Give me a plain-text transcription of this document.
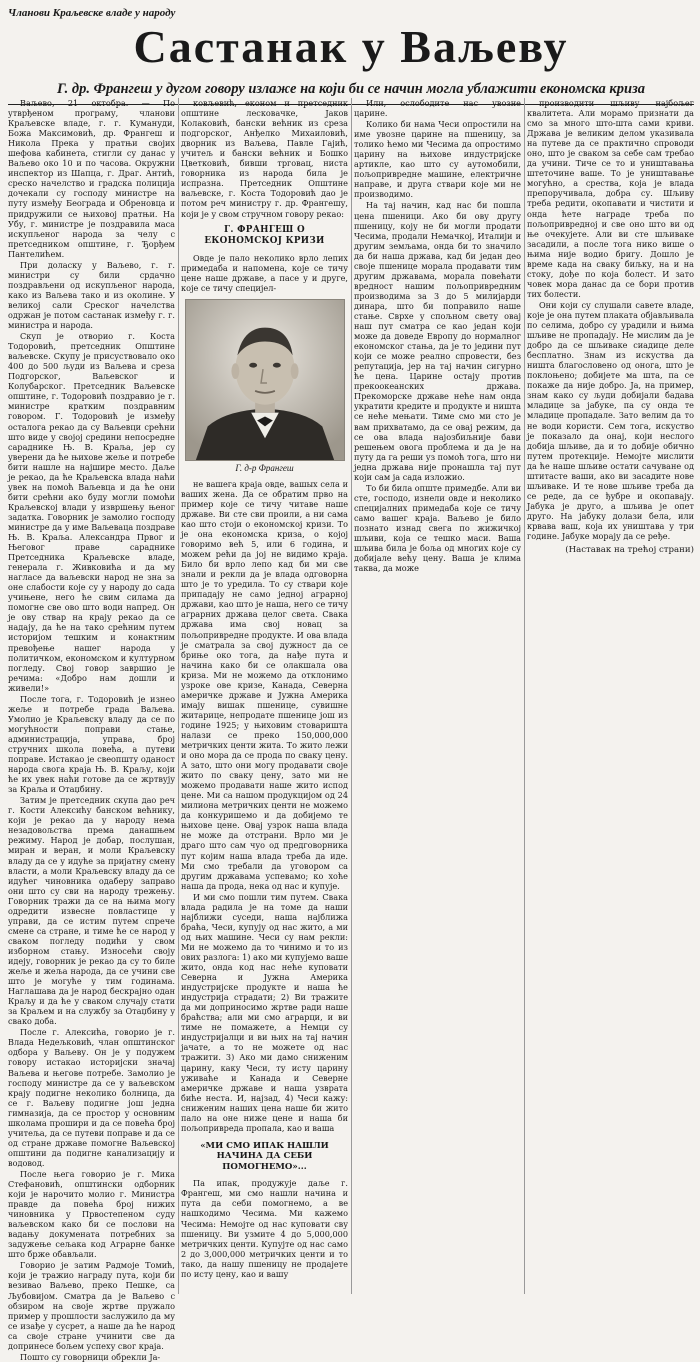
Чланови Краљевске владе у народу
Састанак у Ваљеву
Г. др. Франгеш у дугом говору излаже на који би се начин могла ублажити економска криза

Ваљево, 21 октобра. — По утврђеном програму, чланови Краљевске владе, г. г. Кумануди, Божа Максимовић, др. Франгеш и Никола Прека у пратњи својих шефова кабинета, стигли су данас у Ваљево око 10 и по часова. Окружни инспектор из Шапца, г. Драг. Антић, среско начелство и градска полиција дочекали су господу министре на путу између Београда и Обреновца и придружили се њиховој пратњи. На Убу, г. министре је поздравила маса искупљеног народа за челу с претседником општине, г. Ђорђем Пантелићем.

При доласку у Ваљево, г. г. министри су били срдачно поздрављени од искупљеног народа, како из Ваљева тако и из околине. У великој сали Среског начелства одржан је потом састанак између г. г. министра и народа.

Скуп је отворио г. Коста Тодоровић, претседник Општине ваљевске. Скупу је присуствовало око 400 до 500 људи из Ваљева и среза Подгорског, Ваљевског и Колубарског. Претседник Ваљевске општине, г. Тодоровић поздравио је г. министре кратким поздравним говором. Г. Тодоровић је између осталога рекао да су Ваљевци срећни што виде у својој средини непосредне сараднике Њ. В. Краља, јер су уверени да ће њихове жеље и потребе бити нашле на најшире место. Даље је рекао, да ће Краљевска влада наћи увек на помоћ Ваљевца и да ће они бити срећни ако буду могли помоћи Краљевској влади у извршењу њеног задатка. Говорник је замолио господу министре да у име Ваљеваца поздраве Њ. В. Краља. Александра Првог и Његовог праве сараднике Претседника Краљевске владе, генерала г. Живковића и да му нагласе да ваљевски народ не зна за оне слабости које су у народу до сада учињене, него ће свим силама да помогне све ово што води напред. Он је ову ствар на крају рекао да се надају, да ће на тако срећним путем историјом тешким и конактним превођење нашег народа у политичком, економском и културном погледу. Свој говор завршио је речима: «Добро нам дошли и живели!»

После тога, г. Тодоровић је изнео жеље и потребе града Ваљева. Умолио је Краљевску владу да се по могућности поправи стање, администрација, управа, број стручних школа повећа, а путеви поправе. Истакао је свеопшту оданост народа свога краја Њ. В. Краљу, који ће их увек наћи готове да се жртвују за Краља и Отаџбину.

Затим је претседник скупа дао реч г. Кости Алексићу банском већнику, који је рекао да у народу нема незадовољства према данашњем режиму. Народ је добар, послушан, миран и веран, и моли Краљевску владу да се у идуће за пријатну смену власти, а моли Краљевску владу да се идућег чиновника одаберу заправо они што су сви на народу трежењу. Говорник тражи да се на њима могу одредити извесне повластице у управи, да се истим путем спрече смене са стране, и тиме ће се народ у сваком погледу подићи у свом изборном стању. Износећи своју идеју, говорник је рекао да су то биле жеље и жеља народа, да се учини све што је могуће у тим годинама. Наглашава да је народ бескрајно одан Краљу и да ће у сваком случају стати за Краљем и на службу за Отаџбину у свако доба.

После г. Алексића, говорио је г. Влада Недељковић, члан општинског одбора у Ваљеву. Он је у подужем говору истакао историјски значај Ваљева и његове потребе. Замолио је господу министре да се у ваљевском крају подигне неколико болница, да се г. Ваљеву подигне још једна гимназија, да се простор у основним школама прошири и да се повећа број учитеља, да се путеви поправе и да се од стране државе помогне Ваљевској општини да подигне канализацију и водовод.

После њега говорио је г. Мика Стефановић, општински одборник који је нарочито молио г. Министра правде да повећа број нижих чиновника у Првостепеном суду ваљевском како би се послови на вадању докумената потребних за задужење сељака код Аграрне банке што брже обављали.

Говорио је затим Радмоје Томић, који је тражио награду пута, који би везивао Ваљево, преко Пешке, са Љубовијом. Сматра да је Ваљево с обзиром на своје жртве пружало пример у прошлости заслужило да му се изађе у сусрет, а наше да ће народ са своје стране учинити све да допринесе бољем успеху свог краја.

Пошто су говорници обрекли Ја-

ковљевић, економ и претседник општине лесковачке, Јаков Колаковић, бански већник из среза подгорског, Анђелко Михаиловић, дворник из Ваљева, Павле Гајић, учитељ и бански већник и Бошко Цветковић, бивши трговац, ниста говорника из народа била је испразна. Претседник Општине ваљевске, г. Коста Тодоровић дао је потом реч министру г. др. Франгешу, који је у свом стручном говору рекао:

Г. ФРАНГЕШ О ЕКОНОМСКОЈ КРИЗИ

Овде је пало неколико врло лепих примедаба и напомена, које се тичу цене наше државе, а пасе у и друге, које се тичу специјел-

Г. д-р Франгеш

не вашега краја овде, вашых села и ваших жена. Да се обратим прво на пример које се тичу читаве наше државе. Ви сте сви проили, а ни сама као што стоји о економској кризи. То је она економска криза, о којој говоримо већ 5, или 6 година, и можем рећи да јој не видимо краја. Било би врло лепо кад би ми све знали и рекли да је влада одговорна што је то уредила. То су ствари које припадају не само једној аграрној држави, као што је наша, него се тичу аграрних држава целог света. Свака држава има свој новац за пољопривредне продукте. И ова влада је сматрала за свој дужност да се бриње око тога, да нађе пута и начина како би се олакшала ова криза. Ми не можемо да отклонимо узроке ове кризе, Канада, Северна америчке државе и Јужна Америка имају вишак пшенице, сувишне житарице, непродате пшенице још из године 1925; у њиховим стоваришта налази се преко 150,000,000 метричких центи жита. То жито лежи и оно мора да се прода по сваку цену. А зато, што они могу продавати своје жито по сваку цену, зато ми не можемо продавати наше жито испод цене. Ми са нашом продукцијом од 24 милиона метричких центи не можемо да конкуришемо и да добијемо те њихове цене. Овај узрок наша влада не може да отстрани. Врло ми је драго што сам чуо од предговорника пут којим наша влада треба да иде. Ми смо требали да уговором са другим државама успевамо; ко хоће наша да прода, нека од нас и купује.

И ми смо пошли тим путем. Свака влада радила је на томе да наши најближи суседи, наша најближа браћа, Чеси, купују од нас жито, а ми од њих машине. Чеси су нам рекли: Ми не можемо да то чинимо и то из ових разлога: 1) ако ми купујемо ваше жито, онда код нас неће куповати Северна и Јужна Америка индустријске продукте и наша ће индустрија страдати; 2) Ви тражите да ми доприносимо жртве ради наше браћства; али ми смо аграрци, и ви тиме не помажете, а Немци су индустријалци и ви њих на тај начин јачате, а то не можете од нас тражити. 3) Ако ми дамо сниженим царину, каку Чеси, ту исту царину уживаће и Канада и Северне америчке државе и наша узврата биће неста. И, најзад, 4) Чеси кажу: сниженим наших цена наше би жито пало на оне ниже цене и наша би пољопривреда пропала, као и ваша

«МИ СМО ИПАК НАШЛИ НАЧИНА ДА СЕБИ ПОМОГНЕМО»...

Па ипак, продужује даље г. Франгеш, ми смо нашли начина и пута да себи помогнемо, а ве нашкодимо Чесима. Ми кажемо Чесима: Немојте од нас куповати сву пшеницу. Ви узмите 4 до 5,000,000 метричких центи. Купујте од нас само 2 до 3,000,000 метричких центи и то тако, да нашу пшеницу не продајете по исту цену, као и вашу

Или, ослободите нас увозне царине.

Колико би нама Чеси опростили на име увозне царине на пшеницу, за толико ћемо ми Чесима да опростимо царину на њихове индустријске артикле, као што су аутомобили, пољопривредне машине, електричне направе, и друга ствари које ми не производимо.

На тај начин, кад нас би пошла цена пшеници. Ако би ову другу пшеницу, коју не би могли продати Чесима, продали Немачкој, Италији и другим земљама, онда би то значило да би наша држава, кад би један део своје пшенице морала продавати тим другим државама, морала повећати вредност нашим пољопривредним производима за 3 до 5 милијарди динара, што би поправило наше стање. Сврхе у спољном свету овај наш пут сматра се као један који може да доведе Европу до нормалног економског стања, да је то једини пут који се може реално спровести, без репутација, јер на тај начин сигурно ће цена. Царине остају против прекоокеанских држава. Прекоморске државе неће нам онда укратити кредите и продукте и ништа се неће мењати. Тиме смо ми сто је вам прихватамо, да се овај режим, да се ова влада најозбиљније бави решењем овога проблема и да је на путу да га реши уз помоћ тога, што ни једна држава није пронашла тај пут који сам ја сада изложио.

То би била опште примедбе. Али ви сте, господо, изнели овде и неколико специјалних примедаба које се тичу само вашег краја. Ваљево је било познато изнад свега по жижичкој шљиви, која се тешко маси. Ваша шљива била је боља од многих које су добијале већу цену. Ваша је клима таква, да може

производити шљиву најбољег квалитета. Али морамо признати да смо за много што-шта сами криви. Држава је великим делом указивала на путеве да се практично спроводи оно, што је сваком за себе сам требао да учини. Тиче се то и уништавања штеточине ваше. То је уништавање могућно, а срества, која је влада препоручивала, добра су. Шљиву треба редити, окопавати и чистити и онда ћете награде треба по пољопривредној и све оно што ви од ње очекујете. Али ви сте шљиваке засадили, а после тога нико више о њима није водио бригу. Дошло је време када на сваку биљку, на и на стоку, дође по која болест. И зато човек мора данас да се бори против тих болести.

Они који су слушали савете владе, које је она путем плаката објављивала по селима, добро су урадили и њима шљиве не пропадају. Не мислим да је добро да се шљиваке сиадице деле бесплатно. Знам из искуства да ништа благословено од онога, што је поклоњено; добијете ма шта, па се покаже да није добро. Ја, на пример, знам како су људи добијали бадава младице за јабуке, па су онда те младице пропадале. Зато велим да то не води користи. Сем тога, искуство је показало да онај, који неслого добија шљиве, да и то добије обично путем протекције. Немојте мислити да ће наше шљиве остати сачуване од штитасте ваши, ако ви засадите нове шљиваке. И те нове шљиве треба да се реде, да се ђубре и окопавају. Јабука је друго, а шљива је опет друго. На јабуку долази бела, или крвава ваш, која их уништава у три године. Јабуке морају да се ређе.

(Наставак на трећој страни)
